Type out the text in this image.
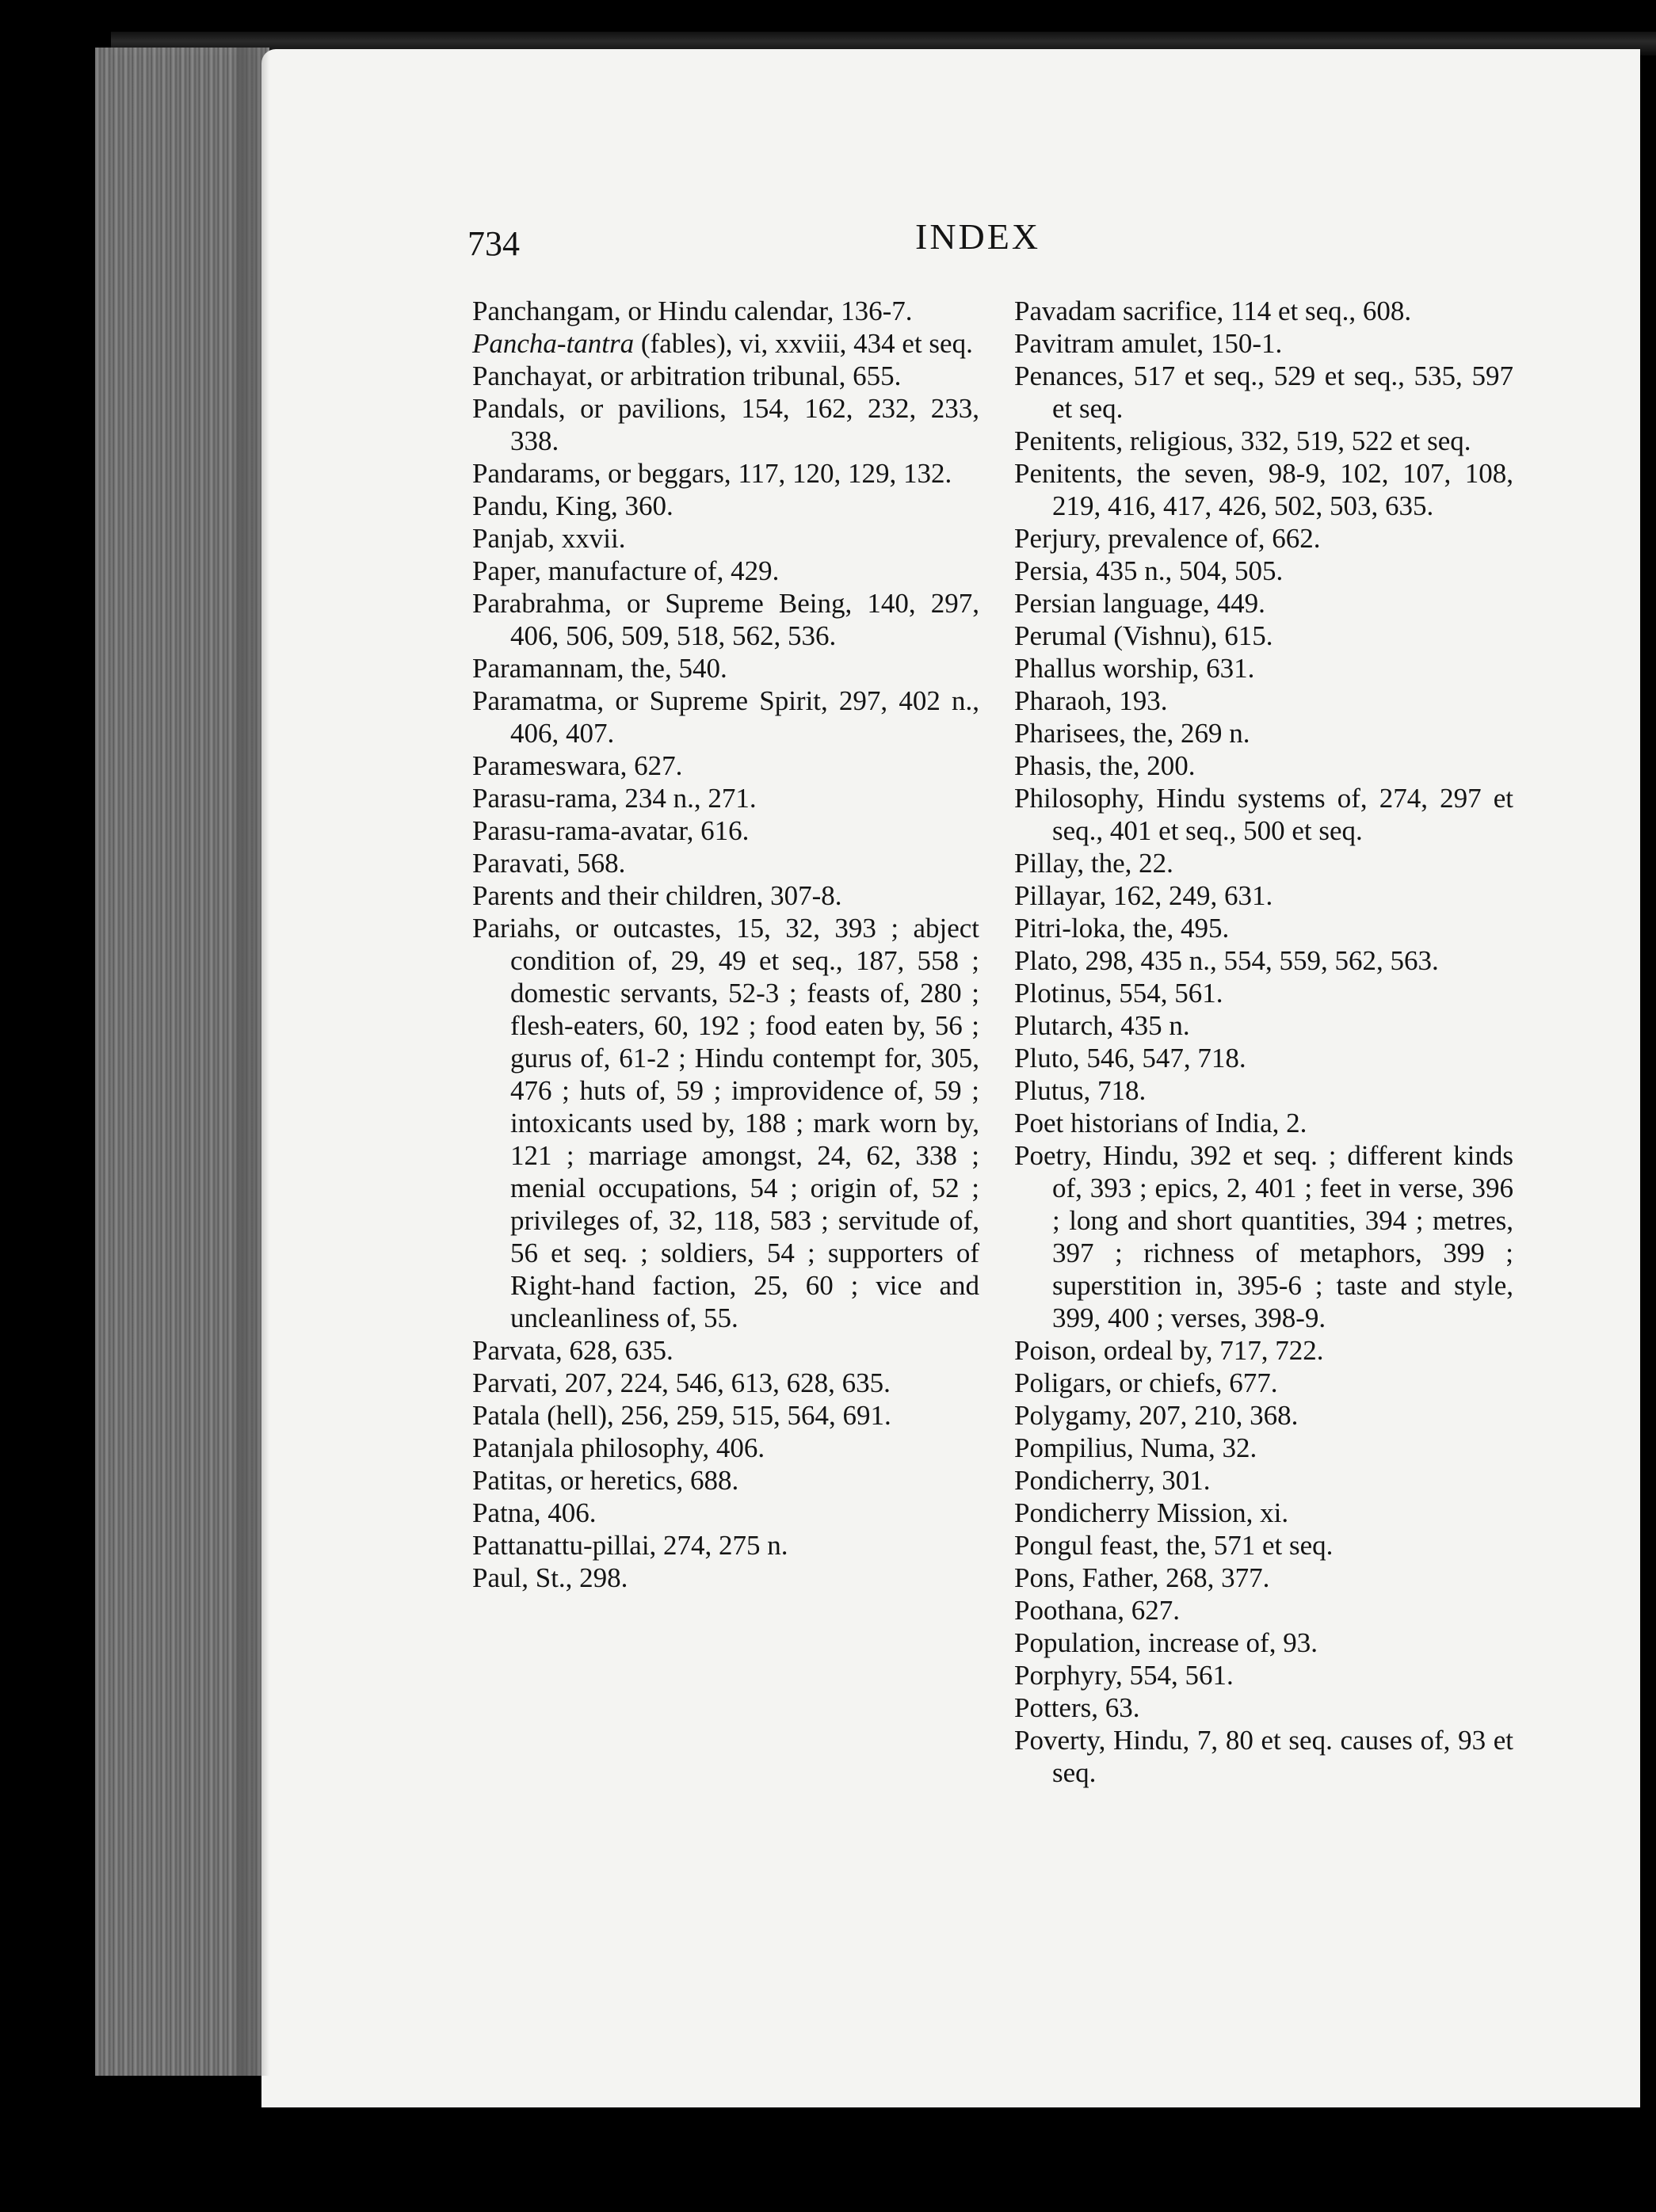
734	INDEX
Panchangam, or Hindu calendar, 136-7.
Pancha-tantra (fables), vi, xxviii, 434 et seq.
Panchayat, or arbitration tribunal, 655.
Pandals, or pavilions, 154, 162, 232, 233, 338.
Pandarams, or beggars, 117, 120, 129, 132.
Pandu, King, 360.
Panjab, xxvii.
Paper, manufacture of, 429.
Parabrahma, or Supreme Being, 140, 297, 406, 506, 509, 518, 562, 536.
Paramannam, the, 540.
Paramatma, or Supreme Spirit, 297, 402 n., 406, 407.
Parameswara, 627.
Parasu-rama, 234 n., 271.
Parasu-rama-avatar, 616.
Paravati, 568.
Parents and their children, 307-8.
Pariahs, or outcastes, 15, 32, 393 ; abject condition of, 29, 49 et seq., 187, 558 ; domestic servants, 52-3 ; feasts of, 280 ; flesh-eaters, 60, 192 ; food eaten by, 56 ; gurus of, 61-2 ; Hindu contempt for, 305, 476 ; huts of, 59 ; improvidence of, 59 ; intoxicants used by, 188 ; mark worn by, 121 ; marriage amongst, 24, 62, 338 ; menial occupations, 54 ; origin of, 52 ; privileges of, 32, 118, 583 ; servitude of, 56 et seq. ; soldiers, 54 ; supporters of Right-hand faction, 25, 60 ; vice and uncleanliness of, 55.
Parvata, 628, 635.
Parvati, 207, 224, 546, 613, 628, 635.
Patala (hell), 256, 259, 515, 564, 691.
Patanjala philosophy, 406.
Patitas, or heretics, 688.
Patna, 406.
Pattanattu-pillai, 274, 275 n.
Paul, St., 298.
Pavadam sacrifice, 114 et seq., 608.
Pavitram amulet, 150-1.
Penances, 517 et seq., 529 et seq., 535, 597 et seq.
Penitents, religious, 332, 519, 522 et seq.
Penitents, the seven, 98-9, 102, 107, 108, 219, 416, 417, 426, 502, 503, 635.
Perjury, prevalence of, 662.
Persia, 435 n., 504, 505.
Persian language, 449.
Perumal (Vishnu), 615.
Phallus worship, 631.
Pharaoh, 193.
Pharisees, the, 269 n.
Phasis, the, 200.
Philosophy, Hindu systems of, 274, 297 et seq., 401 et seq., 500 et seq.
Pillay, the, 22.
Pillayar, 162, 249, 631.
Pitri-loka, the, 495.
Plato, 298, 435 n., 554, 559, 562, 563.
Plotinus, 554, 561.
Plutarch, 435 n.
Pluto, 546, 547, 718.
Plutus, 718.
Poet historians of India, 2.
Poetry, Hindu, 392 et seq. ; different kinds of, 393 ; epics, 2, 401 ; feet in verse, 396 ; long and short quantities, 394 ; metres, 397 ; richness of metaphors, 399 ; superstition in, 395-6 ; taste and style, 399, 400 ; verses, 398-9.
Poison, ordeal by, 717, 722.
Poligars, or chiefs, 677.
Polygamy, 207, 210, 368.
Pompilius, Numa, 32.
Pondicherry, 301.
Pondicherry Mission, xi.
Pongul feast, the, 571 et seq.
Pons, Father, 268, 377.
Poothana, 627.
Population, increase of, 93.
Porphyry, 554, 561.
Potters, 63.
Poverty, Hindu, 7, 80 et seq. causes of, 93 et seq.
